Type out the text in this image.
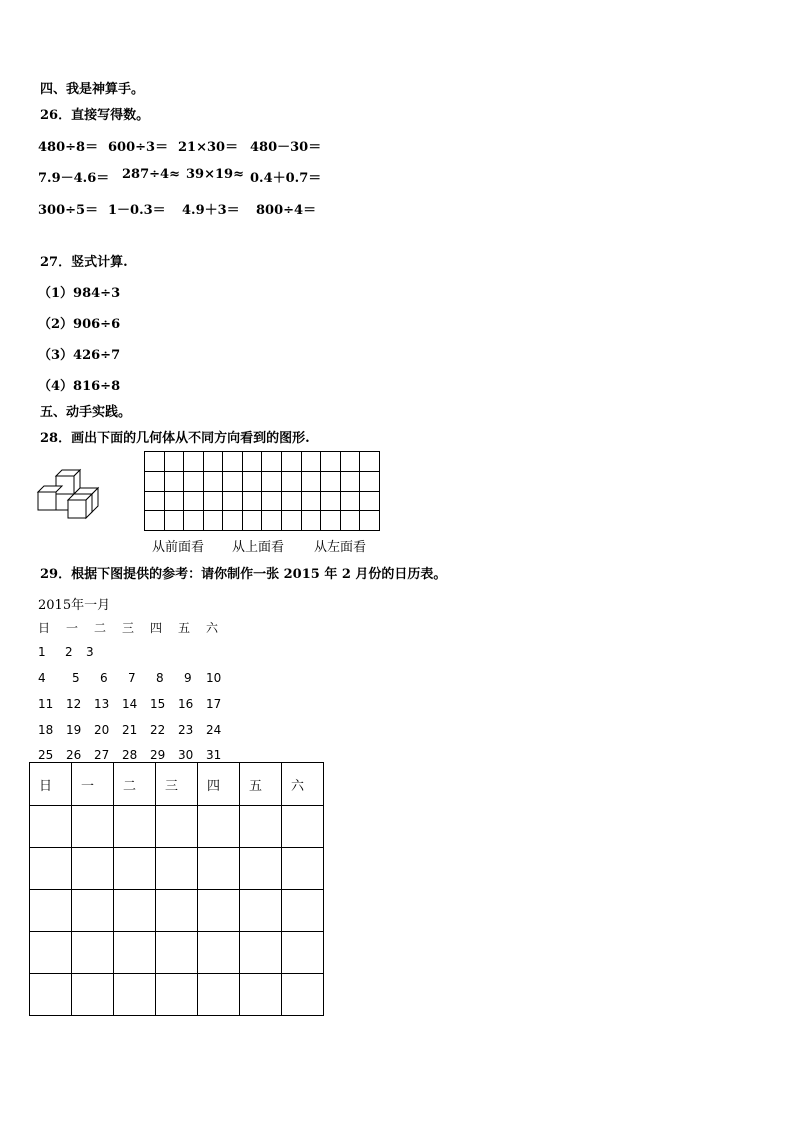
四、我是神算手。
26．直接写得数。
480÷8＝ 600÷3＝ 21×30＝ 480－30＝
7.9－4.6＝ 287÷4≈ 39×19≈ 0.4＋0.7＝
300÷5＝ 1－0.3＝ 4.9＋3＝ 800÷4＝
27．竖式计算.
（1）984÷3
（2）906÷6
（3）426÷7
（4）816÷8
五、动手实践。
28．画出下面的几何体从不同方向看到的图形.

从前面看 从上面看 从左面看
29．根据下图提供的参考：请你制作一张 2015 年 2 月份的日历表。
2015年一月
日 一 二 三 四 五 六
1 2 3
4 5 6 7 8 9 10
11 12 13 14 15 16 17
18 19 20 21 22 23 24
25 26 27 28 29 30 31
日	一	二	三	四	五	六
